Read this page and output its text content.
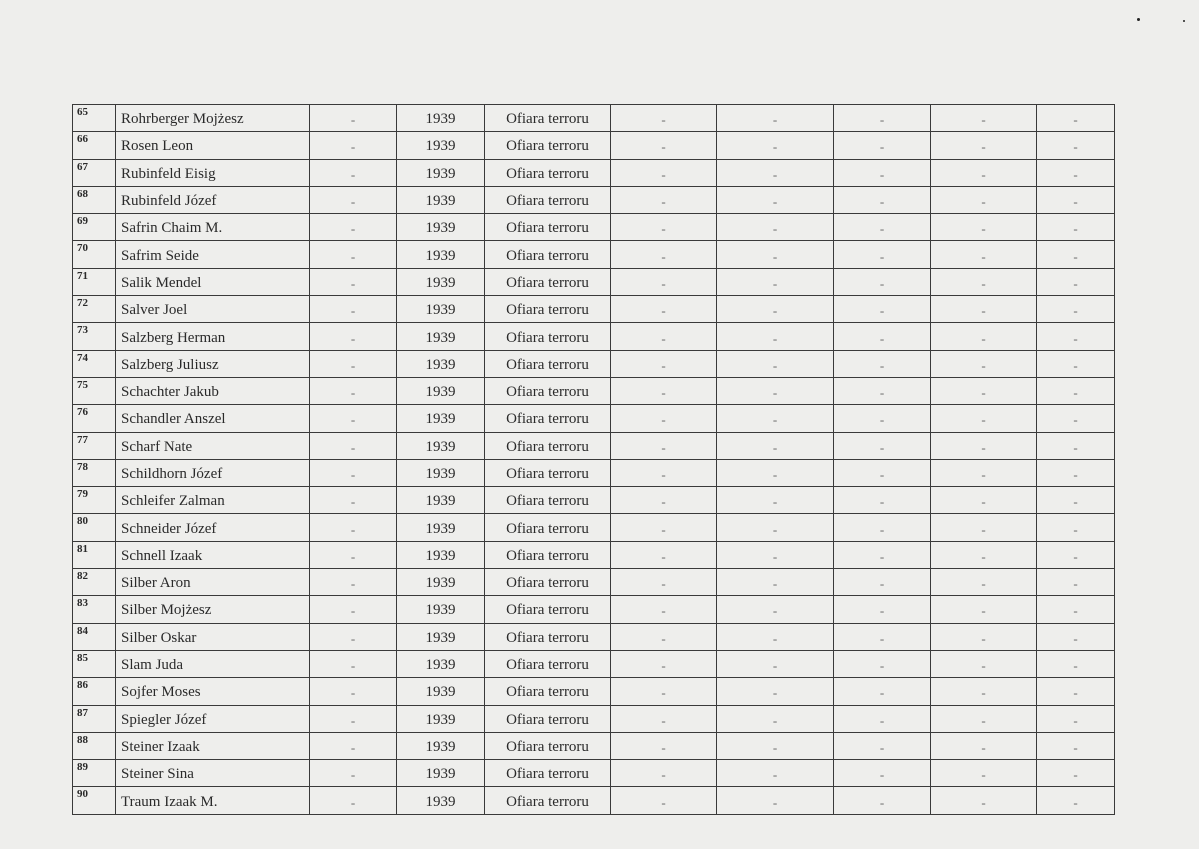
65	Rohrberger Mojżesz	-	1939	Ofiara terroru	-	-	-	-	-
66	Rosen Leon	-	1939	Ofiara terroru	-	-	-	-	-
67	Rubinfeld Eisig	-	1939	Ofiara terroru	-	-	-	-	-
68	Rubinfeld Józef	-	1939	Ofiara terroru	-	-	-	-	-
69	Safrin Chaim M.	-	1939	Ofiara terroru	-	-	-	-	-
70	Safrim Seide	-	1939	Ofiara terroru	-	-	-	-	-
71	Salik Mendel	-	1939	Ofiara terroru	-	-	-	-	-
72	Salver Joel	-	1939	Ofiara terroru	-	-	-	-	-
73	Salzberg Herman	-	1939	Ofiara terroru	-	-	-	-	-
74	Salzberg Juliusz	-	1939	Ofiara terroru	-	-	-	-	-
75	Schachter Jakub	-	1939	Ofiara terroru	-	-	-	-	-
76	Schandler Anszel	-	1939	Ofiara terroru	-	-	-	-	-
77	Scharf Nate	-	1939	Ofiara terroru	-	-	-	-	-
78	Schildhorn Józef	-	1939	Ofiara terroru	-	-	-	-	-
79	Schleifer Zalman	-	1939	Ofiara terroru	-	-	-	-	-
80	Schneider Józef	-	1939	Ofiara terroru	-	-	-	-	-
81	Schnell Izaak	-	1939	Ofiara terroru	-	-	-	-	-
82	Silber Aron	-	1939	Ofiara terroru	-	-	-	-	-
83	Silber Mojżesz	-	1939	Ofiara terroru	-	-	-	-	-
84	Silber Oskar	-	1939	Ofiara terroru	-	-	-	-	-
85	Slam Juda	-	1939	Ofiara terroru	-	-	-	-	-
86	Sojfer Moses	-	1939	Ofiara terroru	-	-	-	-	-
87	Spiegler Józef	-	1939	Ofiara terroru	-	-	-	-	-
88	Steiner Izaak	-	1939	Ofiara terroru	-	-	-	-	-
89	Steiner Sina	-	1939	Ofiara terroru	-	-	-	-	-
90	Traum Izaak M.	-	1939	Ofiara terroru	-	-	-	-	-
